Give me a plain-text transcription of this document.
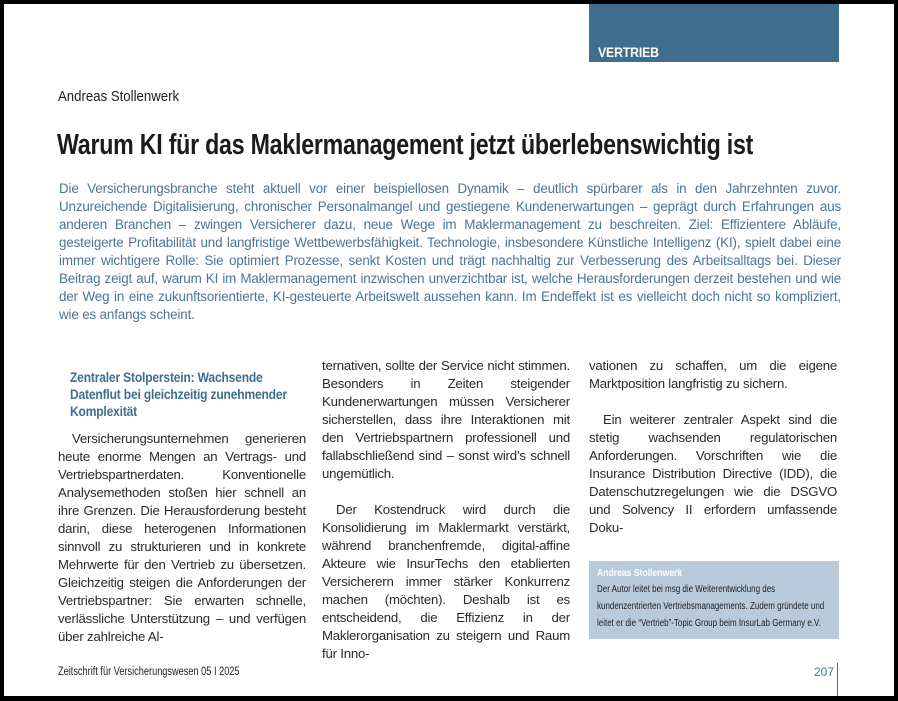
VERTRIEB
Andreas Stollenwerk
Warum KI für das Maklermanagement jetzt überlebenswichtig ist
Die Versicherungsbranche steht aktuell vor einer beispiellosen Dynamik – deutlich spürbarer als in den Jahrzehnten zuvor. Unzureichende Digitalisierung, chronischer Personalmangel und gestiegene Kundenerwartungen – geprägt durch Erfahrungen aus anderen Branchen – zwingen Versicherer dazu, neue Wege im Maklermanagement zu beschreiten. Ziel: Effizientere Abläufe, gesteigerte Profitabilität und langfristige Wettbewerbsfähigkeit. Technologie, insbesondere Künstliche Intelligenz (KI), spielt dabei eine immer wichtigere Rolle: Sie optimiert Prozesse, senkt Kosten und trägt nachhaltig zur Verbesserung des Arbeitsalltags bei. Dieser Beitrag zeigt auf, warum KI im Maklermanagement inzwischen unverzichtbar ist, welche Herausforderungen derzeit bestehen und wie der Weg in eine zukunftsorientierte, KI-gesteuerte Arbeitswelt aussehen kann. Im Endeffekt ist es vielleicht doch nicht so kompliziert, wie es anfangs scheint.
Zentraler Stolperstein: Wachsende Datenflut bei gleichzeitig zunehmender Komplexität

Versicherungsunternehmen generieren heute enorme Mengen an Vertrags- und Vertriebspartnerdaten. Konventionelle Analysemethoden stoßen hier schnell an ihre Grenzen. Die Herausforderung besteht darin, diese heterogenen Informationen sinnvoll zu strukturieren und in konkrete Mehrwerte für den Vertrieb zu übersetzen. Gleichzeitig steigen die Anforderungen der Vertriebspartner: Sie erwarten schnelle, verlässliche Unterstützung – und verfügen über zahlreiche Al-

ternativen, sollte der Service nicht stimmen. Besonders in Zeiten steigender Kundenerwartungen müssen Versicherer sicherstellen, dass ihre Interaktionen mit den Vertriebspartnern professionell und fallabschließend sind – sonst wird’s schnell ungemütlich.

Der Kostendruck wird durch die Konsolidierung im Maklermarkt verstärkt, während branchenfremde, digital-affine Akteure wie InsurTechs den etablierten Versicherern immer stärker Konkurrenz machen (möchten). Deshalb ist es entscheidend, die Effizienz in der Maklerorganisation zu steigern und Raum für Inno-

vationen zu schaffen, um die eigene Marktposition langfristig zu sichern.

Ein weiterer zentraler Aspekt sind die stetig wachsenden regulatorischen Anforderungen. Vorschriften wie die Insurance Distribution Directive (IDD), die Datenschutzregelungen wie die DSGVO und Solvency II erfordern umfassende Doku-

Andreas Stollenwerk
Der Autor leitet bei msg die Weiterentwicklung des kundenzentrierten Vertriebsmanagements. Zudem gründete und leitet er die “Vertrieb”-Topic Group beim InsurLab Germany e.V.
Zeitschrift für Versicherungswesen 05 I 2025	207
